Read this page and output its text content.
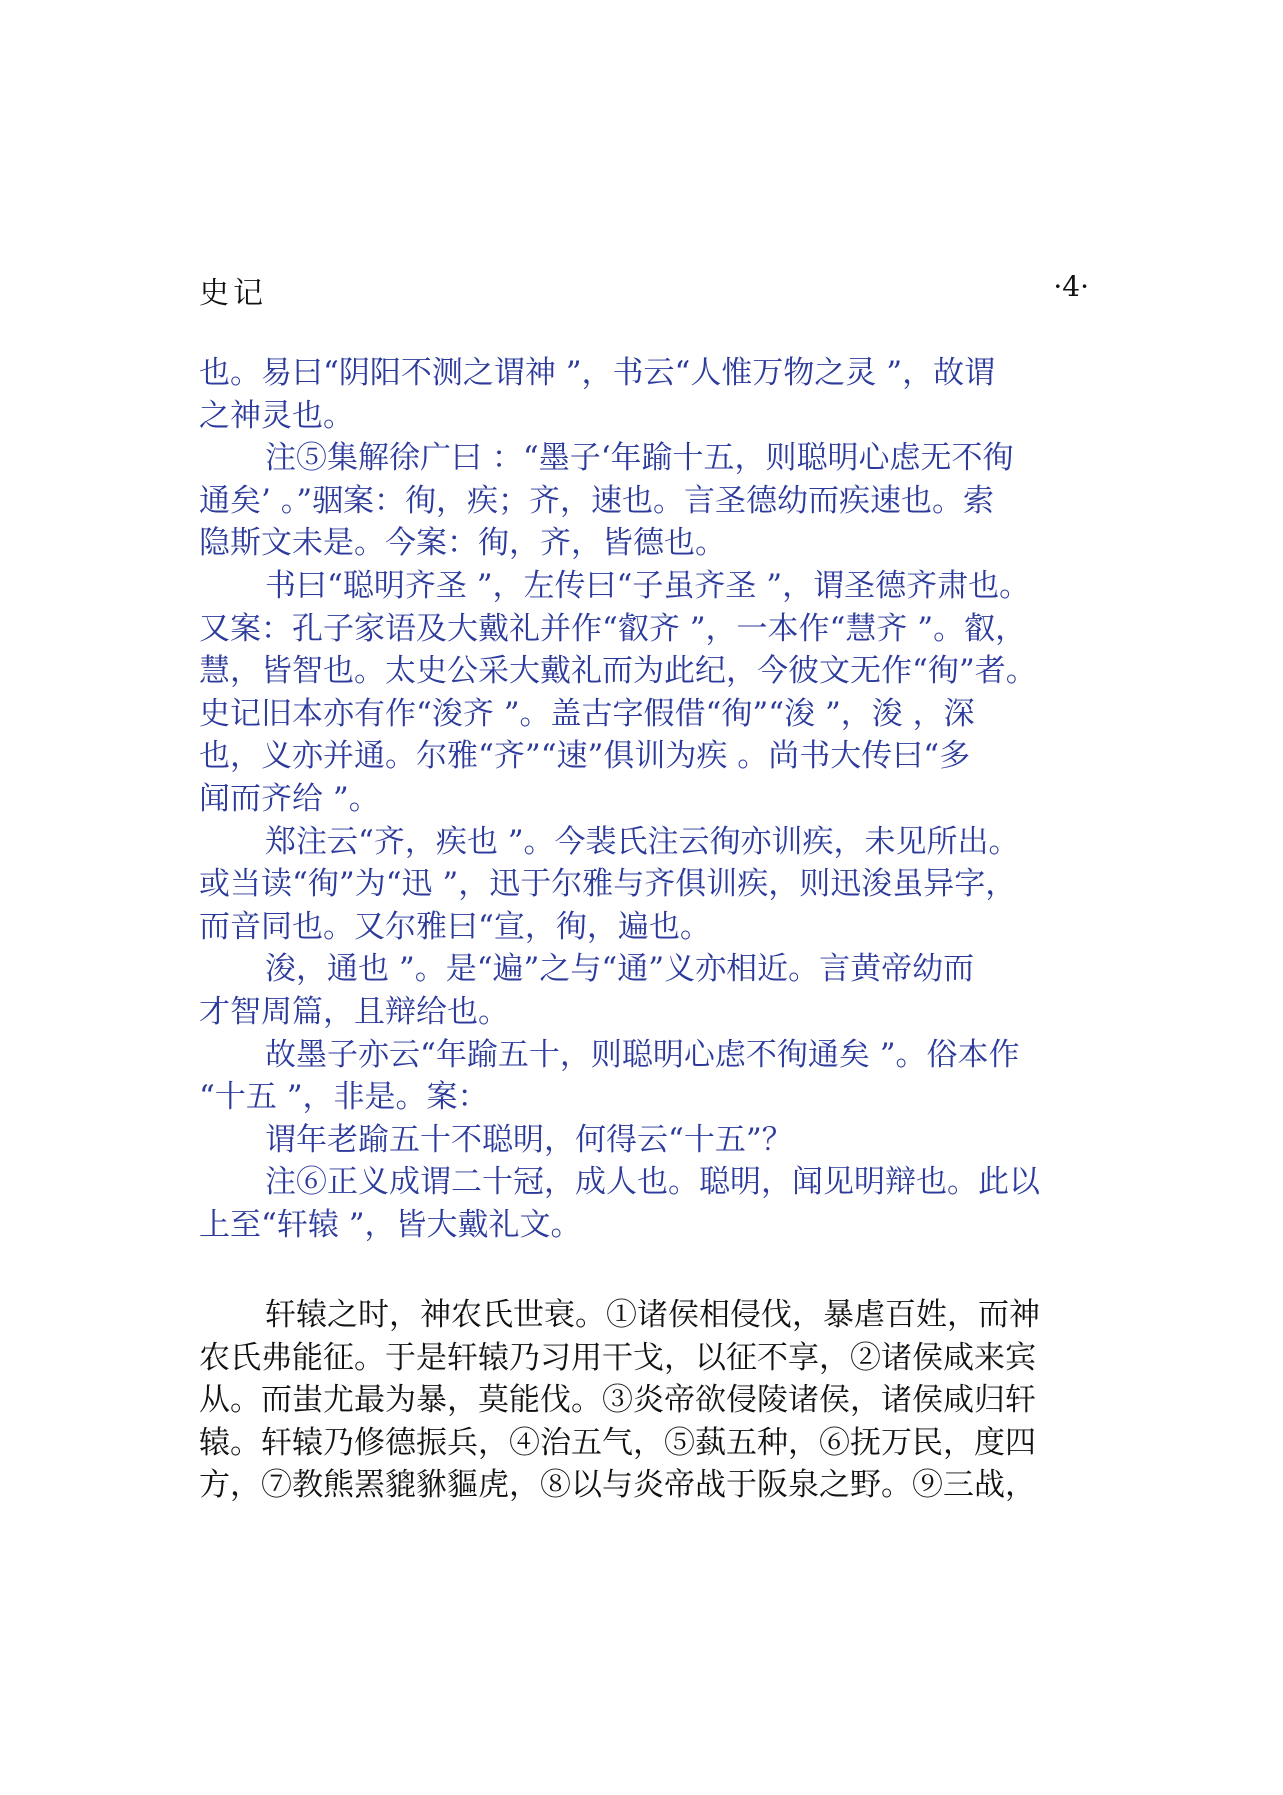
史记	·4·
也。易曰“阴阳不测之谓神 ”，书云“人惟万物之灵 ”，故谓
之神灵也。
注⑤集解徐广曰 ：“墨子‘年踰十五，则聪明心虑无不徇
通矣’ 。”骃案：徇，疾；齐，速也。言圣德幼而疾速也。索
隐斯文未是。今案：徇，齐，皆德也。
书曰“聪明齐圣 ”，左传曰“子虽齐圣 ”，谓圣德齐肃也。
又案：孔子家语及大戴礼并作“叡齐 ”，一本作“慧齐 ”。叡，
慧，皆智也。太史公采大戴礼而为此纪，今彼文无作“徇”者。
史记旧本亦有作“浚齐 ”。盖古字假借“徇”“浚 ”，浚 ，深
也，义亦并通。尔雅“齐”“速”俱训为疾 。尚书大传曰“多
闻而齐给 ”。
郑注云“齐，疾也 ”。今裴氏注云徇亦训疾，未见所出。
或当读“徇”为“迅 ”，迅于尔雅与齐俱训疾，则迅浚虽异字，
而音同也。又尔雅曰“宣，徇，遍也。
浚，通也 ”。是“遍”之与“通”义亦相近。言黄帝幼而
才智周篇，且辩给也。
故墨子亦云“年踰五十，则聪明心虑不徇通矣 ”。俗本作
“十五 ”，非是。案：
谓年老踰五十不聪明，何得云“十五”？
注⑥正义成谓二十冠，成人也。聪明，闻见明辩也。此以
上至“轩辕 ”，皆大戴礼文。
轩辕之时，神农氏世衰。①诸侯相侵伐，暴虐百姓，而神
农氏弗能征。于是轩辕乃习用干戈，以征不享，②诸侯咸来宾
从。而蚩尤最为暴，莫能伐。③炎帝欲侵陵诸侯，诸侯咸归轩
辕。轩辕乃修德振兵，④治五气，⑤蓺五种，⑥抚万民，度四
方，⑦教熊罴貔貅貙虎，⑧以与炎帝战于阪泉之野。⑨三战，
